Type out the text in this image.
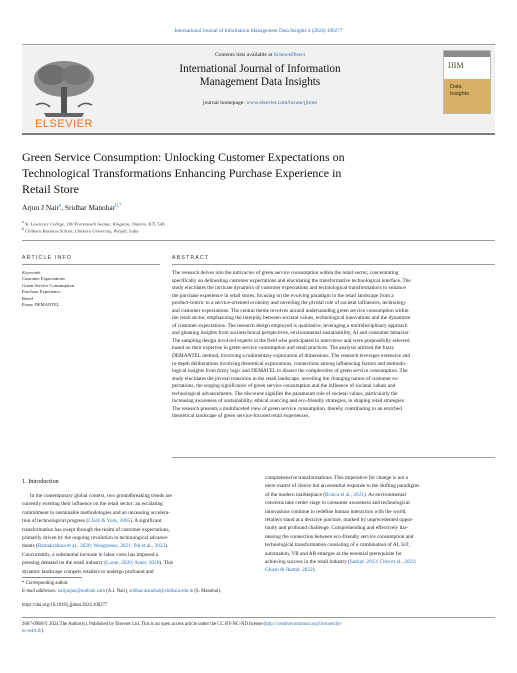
International Journal of Information Management Data Insights 4 (2024) 100277
ELSEVIER
Contents lists available at ScienceDirect
International Journal of Information
Management Data Insights
journal homepage: www.elsevier.com/locate/jjimei
IJIM
Data
Insights
Green Service Consumption: Unlocking Customer Expectations on
Technological Transformations Enhancing Purchase Experience in
Retail Store
Arjun J Nair$^a$, Sridhar Manohar$^{b,*}$
a St. Lawrence College, 100 Portsmouth Avenue, Kingston, Ontario, K7L 5A6
b Chitkara Business School, Chitkara University, Punjab, India
ARTICLE INFO	ABSTRACT
Keywords:
Customer Expectations
Green Service Consumption
Purchase Experience
Retail
Fuzzy DEMANTEL
The research delves into the intricacies of green service consumption within the retail sector, concentrating
specifically on delineating customer expectations and elucidating the transformative technological interface. The
study elucidates the intricate dynamics of customer expectations and technological transformations to enhance
the purchase experience in retail stores, focusing on the evolving paradigm in the retail landscape from a
product-centric to a service-oriented economy and unveiling the pivotal role of societal influences, technology
and customer expectations. The central theme revolves around understanding green service consumption within
the retail sector, emphasizing the interplay between societal values, technological innovations and the dynamism
of customer expectations. The research design employed is qualitative, leveraging a multidisciplinary approach
and gleaning insights from sociotechnical perspectives, environmental sustainability, AI and consumer behavior.
The sampling design involved experts in the field who participated in interviews and were purposefully selected
based on their expertise in green service consumption and retail practices. The analysis utilized the fuzzy
DEMANTEL method, involving a rudimentary exploration of dimensions. The research leverages extensive and
in-depth deliberations involving theoretical explorations, connections among influencing factors and methodo-
logical insights from fuzzy logic and DEMATEL to dissect the complexities of green service consumption. The
study elucidates the pivotal transition in the retail landscape, unveiling the changing nature of customer ex-
pectations, the surging significance of green service consumption and the influence of societal values and
technological advancements. The discourse signifies the paramount role of societal values, particularly the
increasing awareness of sustainability, ethical sourcing and eco-friendly strategies, in shaping retail strategies.
The research presents a multifaceted view of green service consumption, thereby contributing to an enriched
theoretical landscape of green service-focused retail experiences.
1. Introduction
In the contemporary global context, two groundbreaking trends are
currently exerting their influence on the retail sector: an escalating
commitment to sustainable methodologies and an unceasing accelera-
tion of technological progress (Clark & York, 2005). A significant
transformation has swept through the realm of customer expectations,
primarily driven by the ongoing revolution in technological advance-
ments (Ramakrishna et al., 2020; Wongsonsa, 2021; Pal et al., 2023).
Concurrently, a substantial increase in labor costs has imposed a
pressing demand on the retail industry (Larue, 2020; Amer, 2020). This
dynamic landscape compels retailers to undergo profound and
comprehensive transformations. This imperative for change is not a
mere matter of choice but an essential response to the shifting paradigms
of the modern marketplace (Brinca et al., 2021). As environmental
concerns take center stage in consumer awareness and technological
innovations continue to redefine human interaction with the world,
retailers stand at a decisive juncture, marked by unprecedented oppor-
tunity and profound challenge. Comprehending and effectively har-
nessing the connection between eco-friendly service consumption and
technological transformation consisting of a combination of AI, IoT,
automation, VR and AR emerges as the essential prerequisite for
achieving success in the retail industry (Sarkar, 2013; Chin et al., 2022;
Ghosh & Jhamb, 2022).
* Corresponding author.
E-mail addresses: nairjarjun@outlook.com (A.J. Nair), sridhar.manohar@chitkara.edu.in (S. Manohar).
https://doi.org/10.1016/j.jjimei.2024.100277
2667-0968/© 2024 The Author(s). Published by Elsevier Ltd. This is an open access article under the CC BY-NC-ND license (http://creativecommons.org/licenses/by-
nc-nd/4.0/).
